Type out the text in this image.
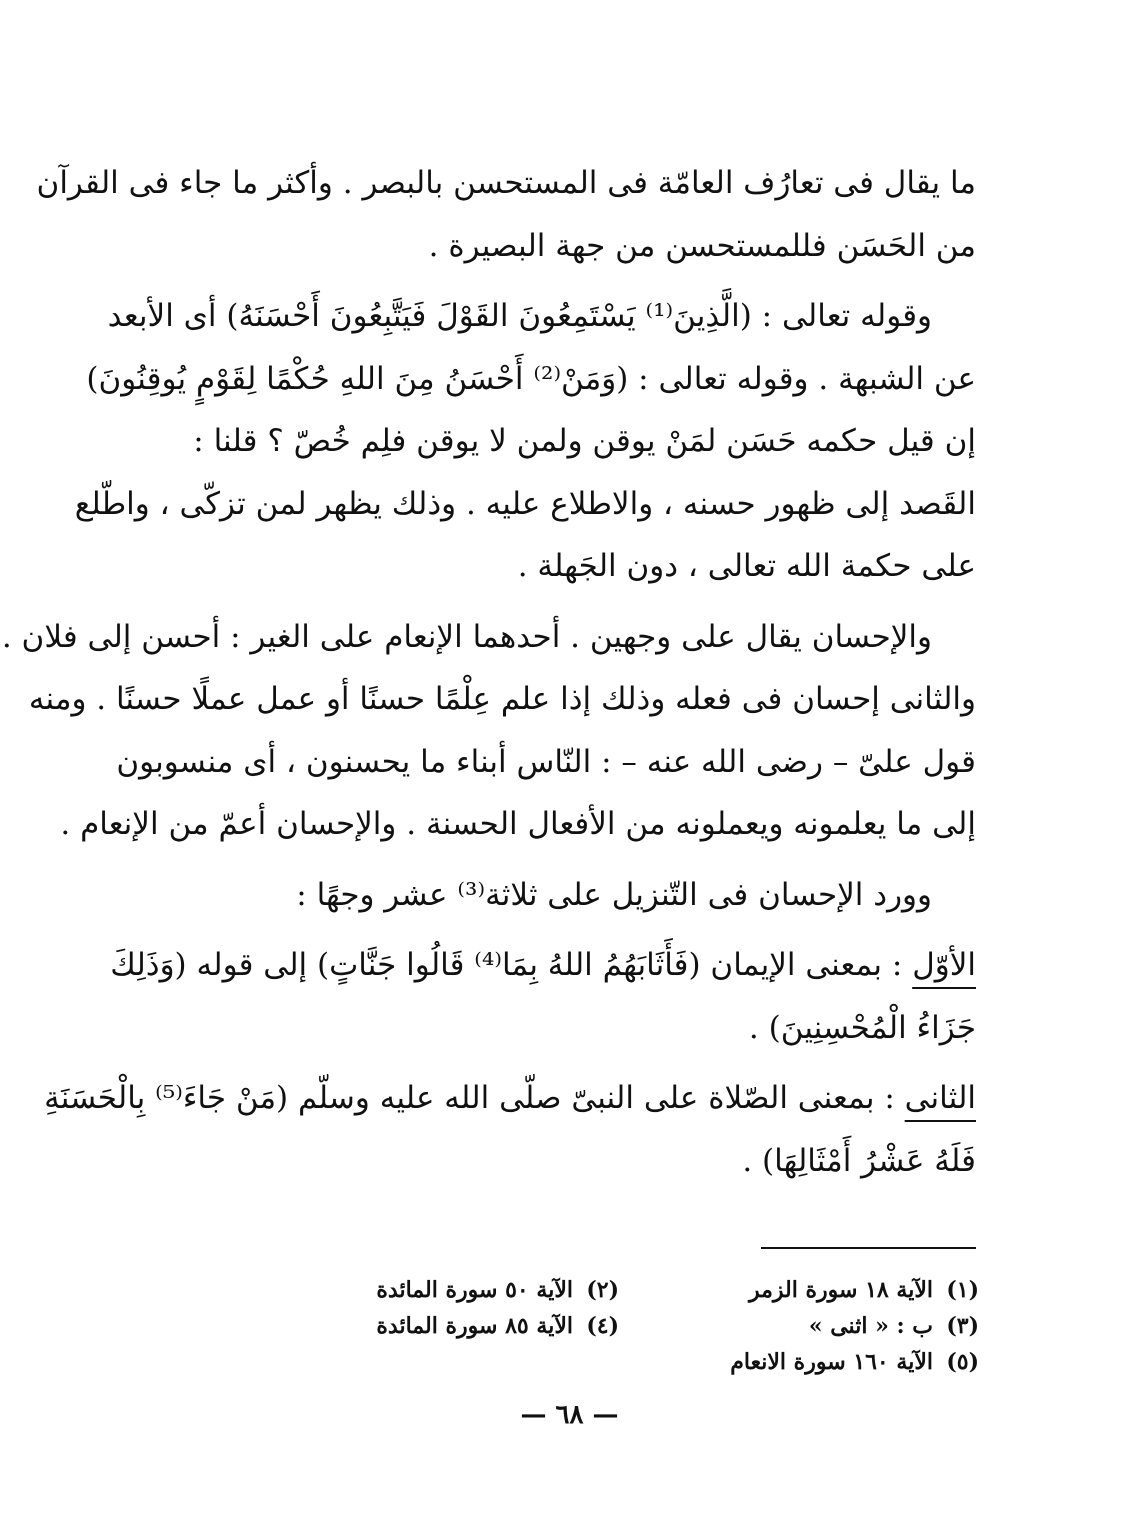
ما يقال فى تعارُف العامّة فى المستحسن بالبصر . وأكثر ما جاء فى القرآن
من الحَسَن فللمستحسن من جهة البصيرة .
وقوله تعالى : (الَّذِينَ⁽¹⁾ يَسْتَمِعُونَ القَوْلَ فَيَتَّبِعُونَ أَحْسَنَهُ) أى الأبعد
عن الشبهة . وقوله تعالى : (وَمَنْ⁽²⁾ أَحْسَنُ مِنَ اللهِ حُكْمًا لِقَوْمٍ يُوقِنُونَ)
إن قيل حكمه حَسَن لمَنْ يوقن ولمن لا يوقن فلِم خُصّ ؟ قلنا :
القَصد إلى ظهور حسنه ، والاطلاع عليه . وذلك يظهر لمن تزكّى ، واطّلع
على حكمة الله تعالى ، دون الجَهلة .
والإحسان يقال على وجهين . أحدهما الإنعام على الغير : أحسن إلى فلان .
والثانى إحسان فى فعله وذلك إذا علم عِلْمًا حسنًا أو عمل عملًا حسنًا . ومنه
قول علىّ – رضى الله عنه – : النّاس أبناء ما يحسنون ، أى منسوبون
إلى ما يعلمونه ويعملونه من الأفعال الحسنة . والإحسان أعمّ من الإنعام .
وورد الإحسان فى التّنزيل على ثلاثة⁽³⁾ عشر وجهًا :
الأوّل : بمعنى الإيمان (فَأَثَابَهُمُ اللهُ بِمَا⁽⁴⁾ قَالُوا جَنَّاتٍ) إلى قوله (وَذَلِكَ
جَزَاءُ الْمُحْسِنِينَ) .
الثانى : بمعنى الصّلاة على النبىّ صلّى الله عليه وسلّم (مَنْ جَاءَ⁽⁵⁾ بِالْحَسَنَةِ
فَلَهُ عَشْرُ أَمْثَالِهَا) .
(١)الآية ١٨ سورة الزمر
(٢)الآية ٥٠ سورة المائدة
(٣)ب : « اثنى »
(٤)الآية ٨٥ سورة المائدة
(٥)الآية ١٦٠ سورة الانعام
— ٦٨ —
